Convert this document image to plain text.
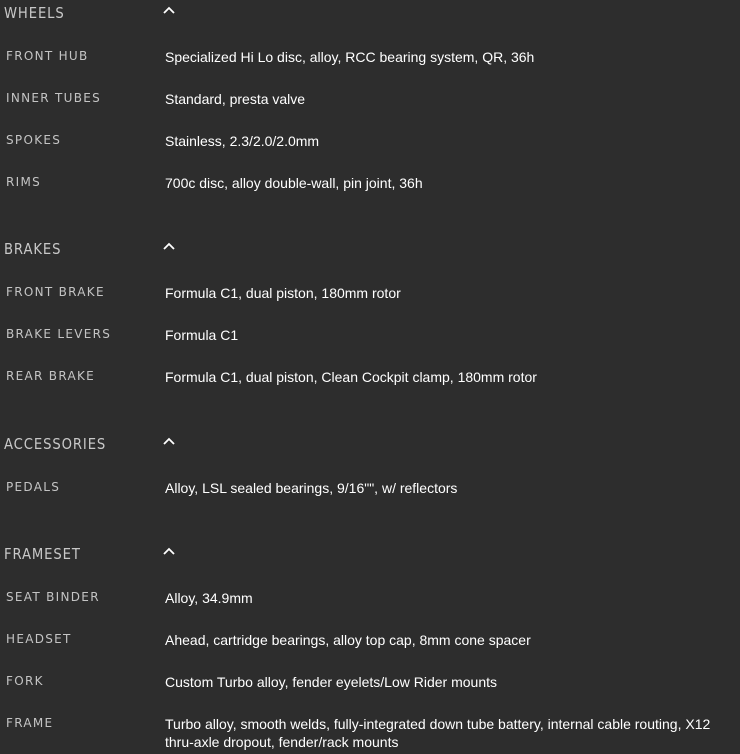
WHEELS
FRONT HUB	Specialized Hi Lo disc, alloy, RCC bearing system, QR, 36h
INNER TUBES	Standard, presta valve
SPOKES	Stainless, 2.3/2.0/2.0mm
RIMS	700c disc, alloy double-wall, pin joint, 36h
BRAKES
FRONT BRAKE	Formula C1, dual piston, 180mm rotor
BRAKE LEVERS	Formula C1
REAR BRAKE	Formula C1, dual piston, Clean Cockpit clamp, 180mm rotor
ACCESSORIES
PEDALS	Alloy, LSL sealed bearings, 9/16"", w/ reflectors
FRAMESET
SEAT BINDER	Alloy, 34.9mm
HEADSET	Ahead, cartridge bearings, alloy top cap, 8mm cone spacer
FORK	Custom Turbo alloy, fender eyelets/Low Rider mounts
FRAME	Turbo alloy, smooth welds, fully-integrated down tube battery, internal cable routing, X12 thru-axle dropout, fender/rack mounts
